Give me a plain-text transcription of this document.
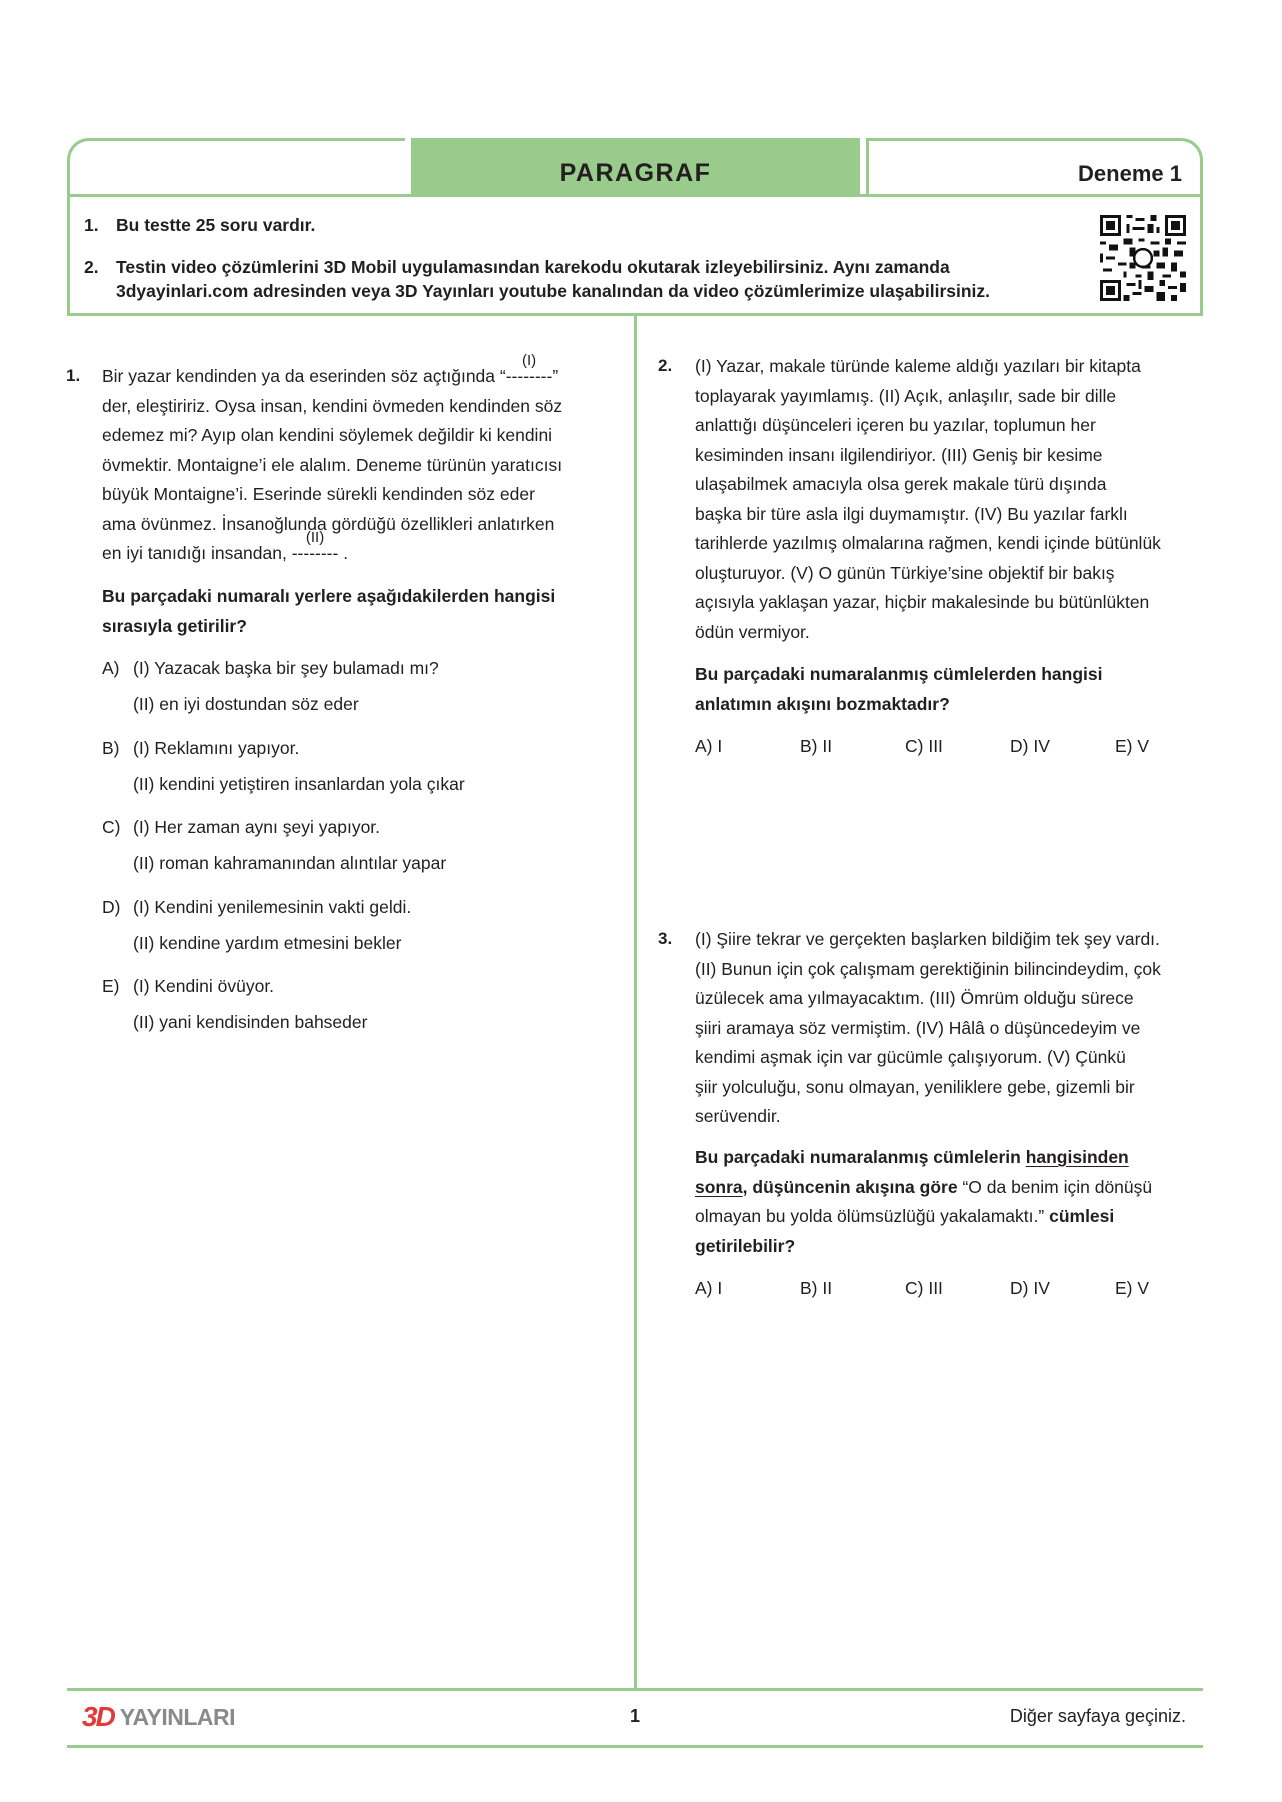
PARAGRAF	Deneme 1
1. Bu testte 25 soru vardır.
2. Testin video çözümlerini 3D Mobil uygulamasından karekodu okutarak izleyebilirsiniz. Aynı zamanda
3dyayinlari.com adresinden veya 3D Yayınları youtube kanalından da video çözümlerimize ulaşabilirsiniz.
1. Bir yazar kendinden ya da eserinden söz açtığında “
(I)
--------”
der, eleştiririz. Oysa insan, kendini övmeden kendinden söz
edemez mi? Ayıp olan kendini söylemek değildir ki kendini
övmektir. Montaigne’i ele alalım. Deneme türünün yaratıcısı
büyük Montaigne’i. Eserinde sürekli kendinden söz eder
ama övünmez. İnsanoğlunda gördüğü özellikleri anlatırken
en iyi tanıdığı insandan,
(II)
-------- .
Bu parçadaki numaralı yerlere aşağıdakilerden hangisi
sırasıyla getirilir?
A) (I) Yazacak başka bir şey bulamadı mı?
(II) en iyi dostundan söz eder
B) (I) Reklamını yapıyor.
(II) kendini yetiştiren insanlardan yola çıkar
C) (I) Her zaman aynı şeyi yapıyor.
(II) roman kahramanından alıntılar yapar
D) (I) Kendini yenilemesinin vakti geldi.
(II) kendine yardım etmesini bekler
E) (I) Kendini övüyor.
(II) yani kendisinden bahseder
2. (I) Yazar, makale türünde kaleme aldığı yazıları bir kitapta
toplayarak yayımlamış. (II) Açık, anlaşılır, sade bir dille
anlattığı düşünceleri içeren bu yazılar, toplumun her
kesiminden insanı ilgilendiriyor. (III) Geniş bir kesime
ulaşabilmek amacıyla olsa gerek makale türü dışında
başka bir türe asla ilgi duymamıştır. (IV) Bu yazılar farklı
tarihlerde yazılmış olmalarına rağmen, kendi içinde bütünlük
oluşturuyor. (V) O günün Türkiye’sine objektif bir bakış
açısıyla yaklaşan yazar, hiçbir makalesinde bu bütünlükten
ödün vermiyor.
Bu parçadaki numaralanmış cümlelerden hangisi
anlatımın akışını bozmaktadır?
A) I	B) II	C) III	D) IV	E) V
3. (I) Şiire tekrar ve gerçekten başlarken bildiğim tek şey vardı.
(II) Bunun için çok çalışmam gerektiğinin bilincindeydim, çok
üzülecek ama yılmayacaktım. (III) Ömrüm olduğu sürece
şiiri aramaya söz vermiştim. (IV) Hâlâ o düşüncedeyim ve
kendimi aşmak için var gücümle çalışıyorum. (V) Çünkü
şiir yolculuğu, sonu olmayan, yeniliklere gebe, gizemli bir
serüvendir.
Bu parçadaki numaralanmış cümlelerin hangisinden
sonra, düşüncenin akışına göre “O da benim için dönüşü
olmayan bu yolda ölümsüzlüğü yakalamaktı.” cümlesi
getirilebilir?
A) I	B) II	C) III	D) IV	E) V
3D YAYINLARI	1	Diğer sayfaya geçiniz.
